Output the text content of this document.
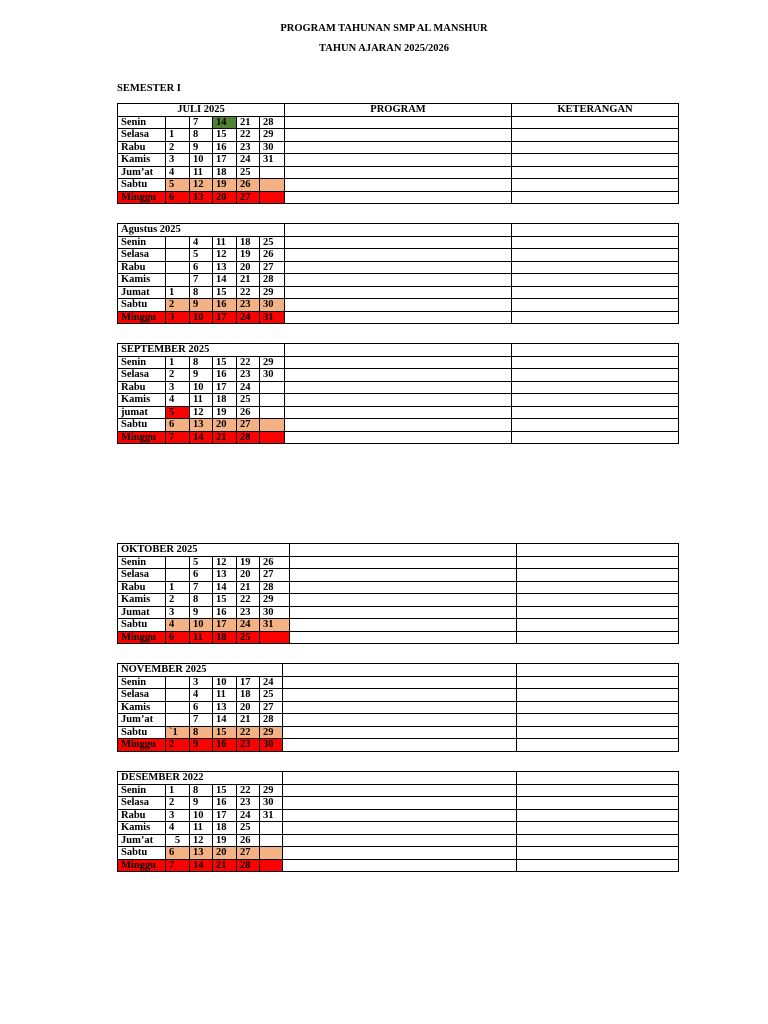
PROGRAM TAHUNAN SMP AL MANSHUR
TAHUN AJARAN 2025/2026
SEMESTER I
JULI 2025						PROGRAM	KETERANGAN
Senin		7	14	21	28		
Selasa	1	8	15	22	29		
Rabu	2	9	16	23	30		
Kamis	3	10	17	24	31		
Jum’at	4	11	18	25			
Sabtu	5	12	19	26			
Minggu	6	13	20	27			
Agustus 2025							
Senin		4	11	18	25		
Selasa		5	12	19	26		
Rabu		6	13	20	27		
Kamis		7	14	21	28		
Jumat	1	8	15	22	29		
Sabtu	2	9	16	23	30		
Minggu	3	10	17	24	31		
SEPTEMBER 2025							
Senin	1	8	15	22	29		
Selasa	2	9	16	23	30		
Rabu	3	10	17	24			
Kamis	4	11	18	25			
jumat	5	12	19	26			
Sabtu	6	13	20	27			
Minggu	7	14	21	28			
OKTOBER 2025							
Senin		5	12	19	26		
Selasa		6	13	20	27		
Rabu	1	7	14	21	28		
Kamis	2	8	15	22	29		
Jumat	3	9	16	23	30		
Sabtu	4	10	17	24	31		
Minggu	6	11	18	25			
NOVEMBER 2025							
Senin		3	10	17	24		
Selasa		4	11	18	25		
Kamis		6	13	20	27		
Jum’at		7	14	21	28		
Sabtu	`1	8	15	22	29		
Minggu	2	9	16	23	30		
DESEMBER 2022							
Senin	1	8	15	22	29		
Selasa	2	9	16	23	30		
Rabu	3	10	17	24	31		
Kamis	4	11	18	25			
Jum’at	5	12	19	26			
Sabtu	6	13	20	27			
Minggu	7	14	21	28			
